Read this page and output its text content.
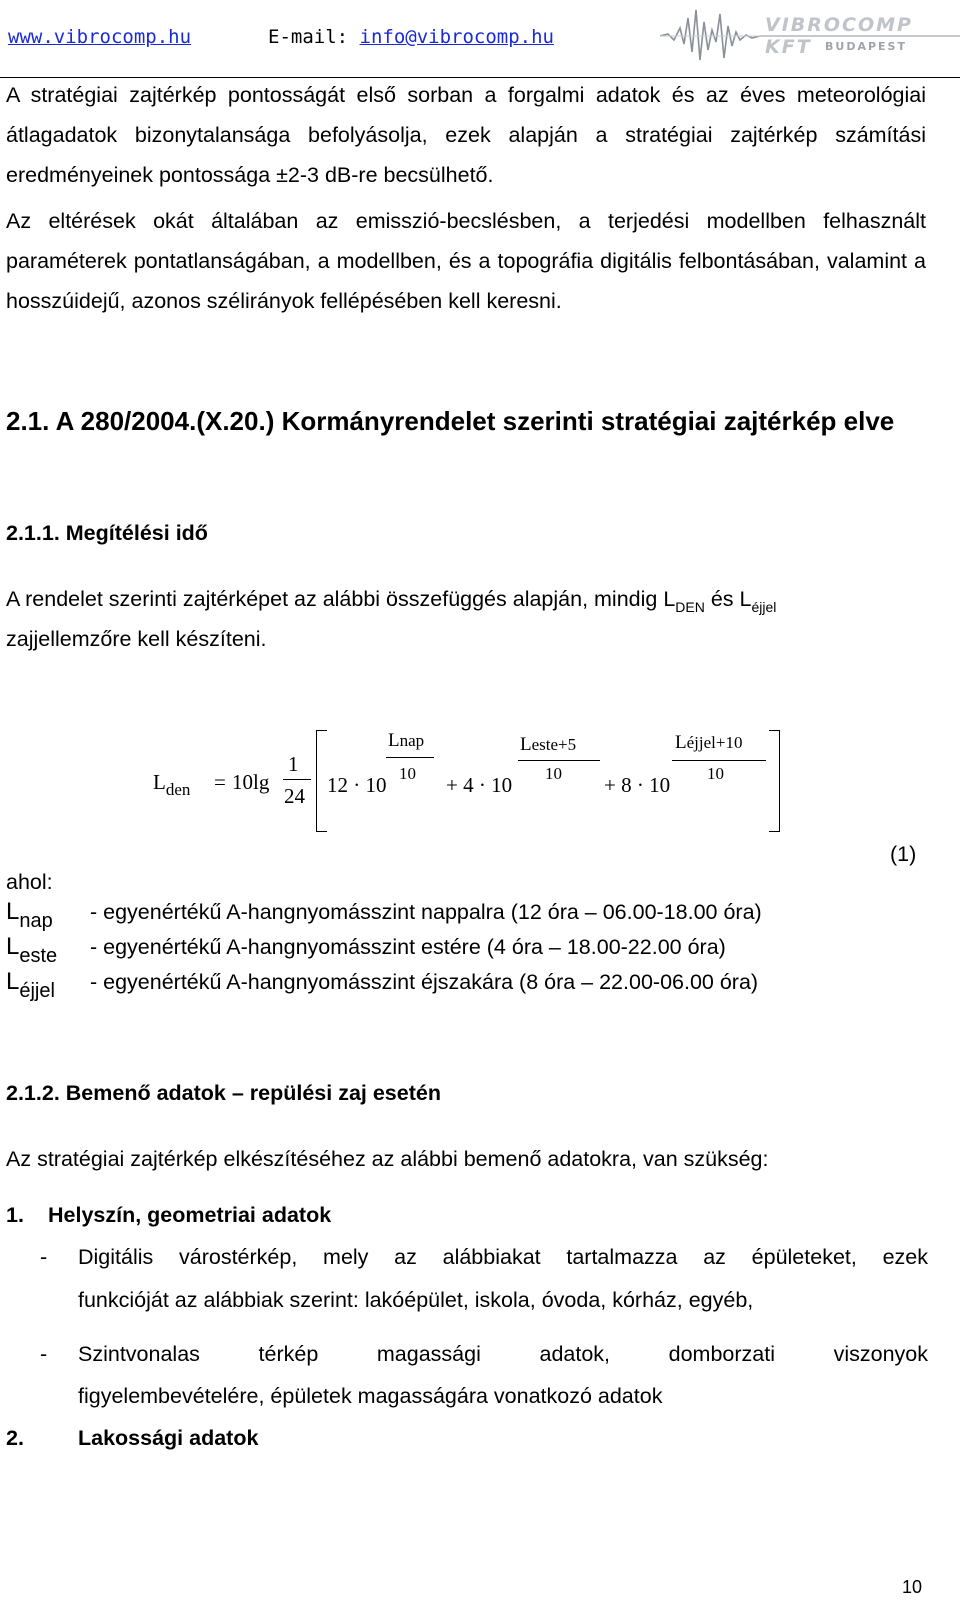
www.vibrocomp.hu	E-mail: info@vibrocomp.hu
VIBROCOMP KFT	BUDAPEST
A stratégiai zajtérkép pontosságát első sorban a forgalmi adatok és az éves meteorológiai átlagadatok bizonytalansága befolyásolja, ezek alapján a stratégiai zajtérkép számítási eredményeinek pontossága ±2-3 dB-re becsülhető.
Az eltérések okát általában az emisszió-becslésben, a terjedési modellben felhasznált paraméterek pontatlanságában, a modellben, és a topográfia digitális felbontásában, valamint a hosszúidejű, azonos szélirányok fellépésében kell keresni.
2.1. A 280/2004.(X.20.) Kormányrendelet szerinti stratégiai zajtérkép elve
2.1.1. Megítélési idő
A rendelet szerinti zajtérképet az alábbi összefüggés alapján, mindig $L_{DEN}$ és $L_{éjjel}$
zajjellemzőre kell készíteni.
$L_{den} = 10\lg$
1
24 12 · 10
Lnap
10 + 4 · 10
Leste+5
10 + 8 · 10
Léjjel+10
10
(1)
ahol:
Lnap - egyenértékű A-hangnyomásszint nappalra (12 óra – 06.00-18.00 óra)
Leste - egyenértékű A-hangnyomásszint estére (4 óra – 18.00-22.00 óra)
Léjjel - egyenértékű A-hangnyomásszint éjszakára (8 óra – 22.00-06.00 óra)
2.1.2. Bemenő adatok – repülési zaj esetén
Az stratégiai zajtérkép elkészítéséhez az alábbi bemenő adatokra, van szükség:
1. Helyszín, geometriai adatok
- Digitális várostérkép, mely az alábbiakat tartalmazza az épületeket, ezek
funkcióját az alábbiak szerint: lakóépület, iskola, óvoda, kórház, egyéb,
- Szintvonalas térkép magassági adatok, domborzati viszonyok
figyelembevételére, épületek magasságára vonatkozó adatok
2.	Lakossági adatok
10
